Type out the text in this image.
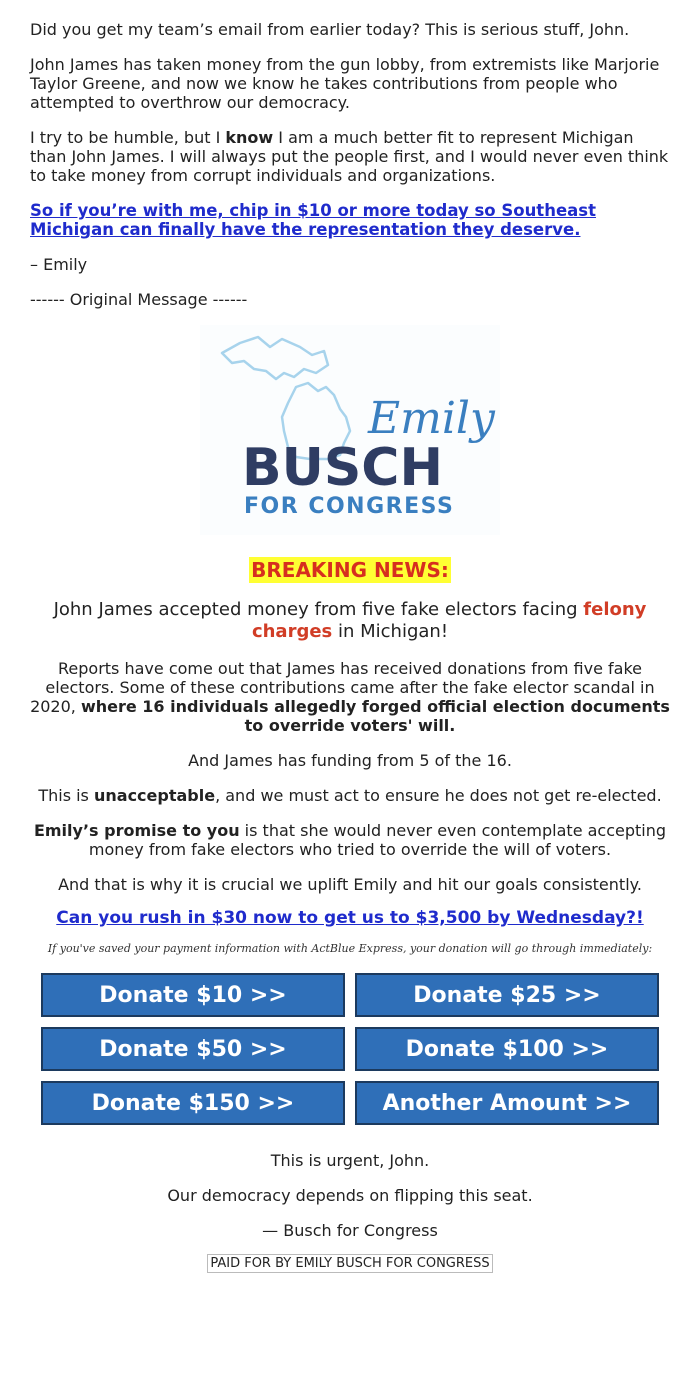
Did you get my team’s email from earlier today? This is serious stuff, John.

John James has taken money from the gun lobby, from extremists like Marjorie Taylor Greene, and now we know he takes contributions from people who attempted to overthrow our democracy.

I try to be humble, but I know I am a much better fit to represent Michigan than John James. I will always put the people first, and I would never even think to take money from corrupt individuals and organizations.

So if you’re with me, chip in $10 or more today so Southeast Michigan can finally have the representation they deserve.

– Emily

------ Original Message ------

Emily
BUSCH
FOR CONGRESS
BREAKING NEWS:

John James accepted money from five fake electors facing felony charges in Michigan!

Reports have come out that James has received donations from five fake electors. Some of these contributions came after the fake elector scandal in 2020, where 16 individuals allegedly forged official election documents to override voters' will.

And James has funding from 5 of the 16.

This is unacceptable, and we must act to ensure he does not get re-elected.

Emily’s promise to you is that she would never even contemplate accepting money from fake electors who tried to override the will of voters.

And that is why it is crucial we uplift Emily and hit our goals consistently.

Can you rush in $30 now to get us to $3,500 by Wednesday?!
If you've saved your payment information with ActBlue Express, your donation will go through immediately:
Donate $10 >>	Donate $25 >>
Donate $50 >>	Donate $100 >>
Donate $150 >>	Another Amount >>

This is urgent, John.

Our democracy depends on flipping this seat.

— Busch for Congress

PAID FOR BY EMILY BUSCH FOR CONGRESS
